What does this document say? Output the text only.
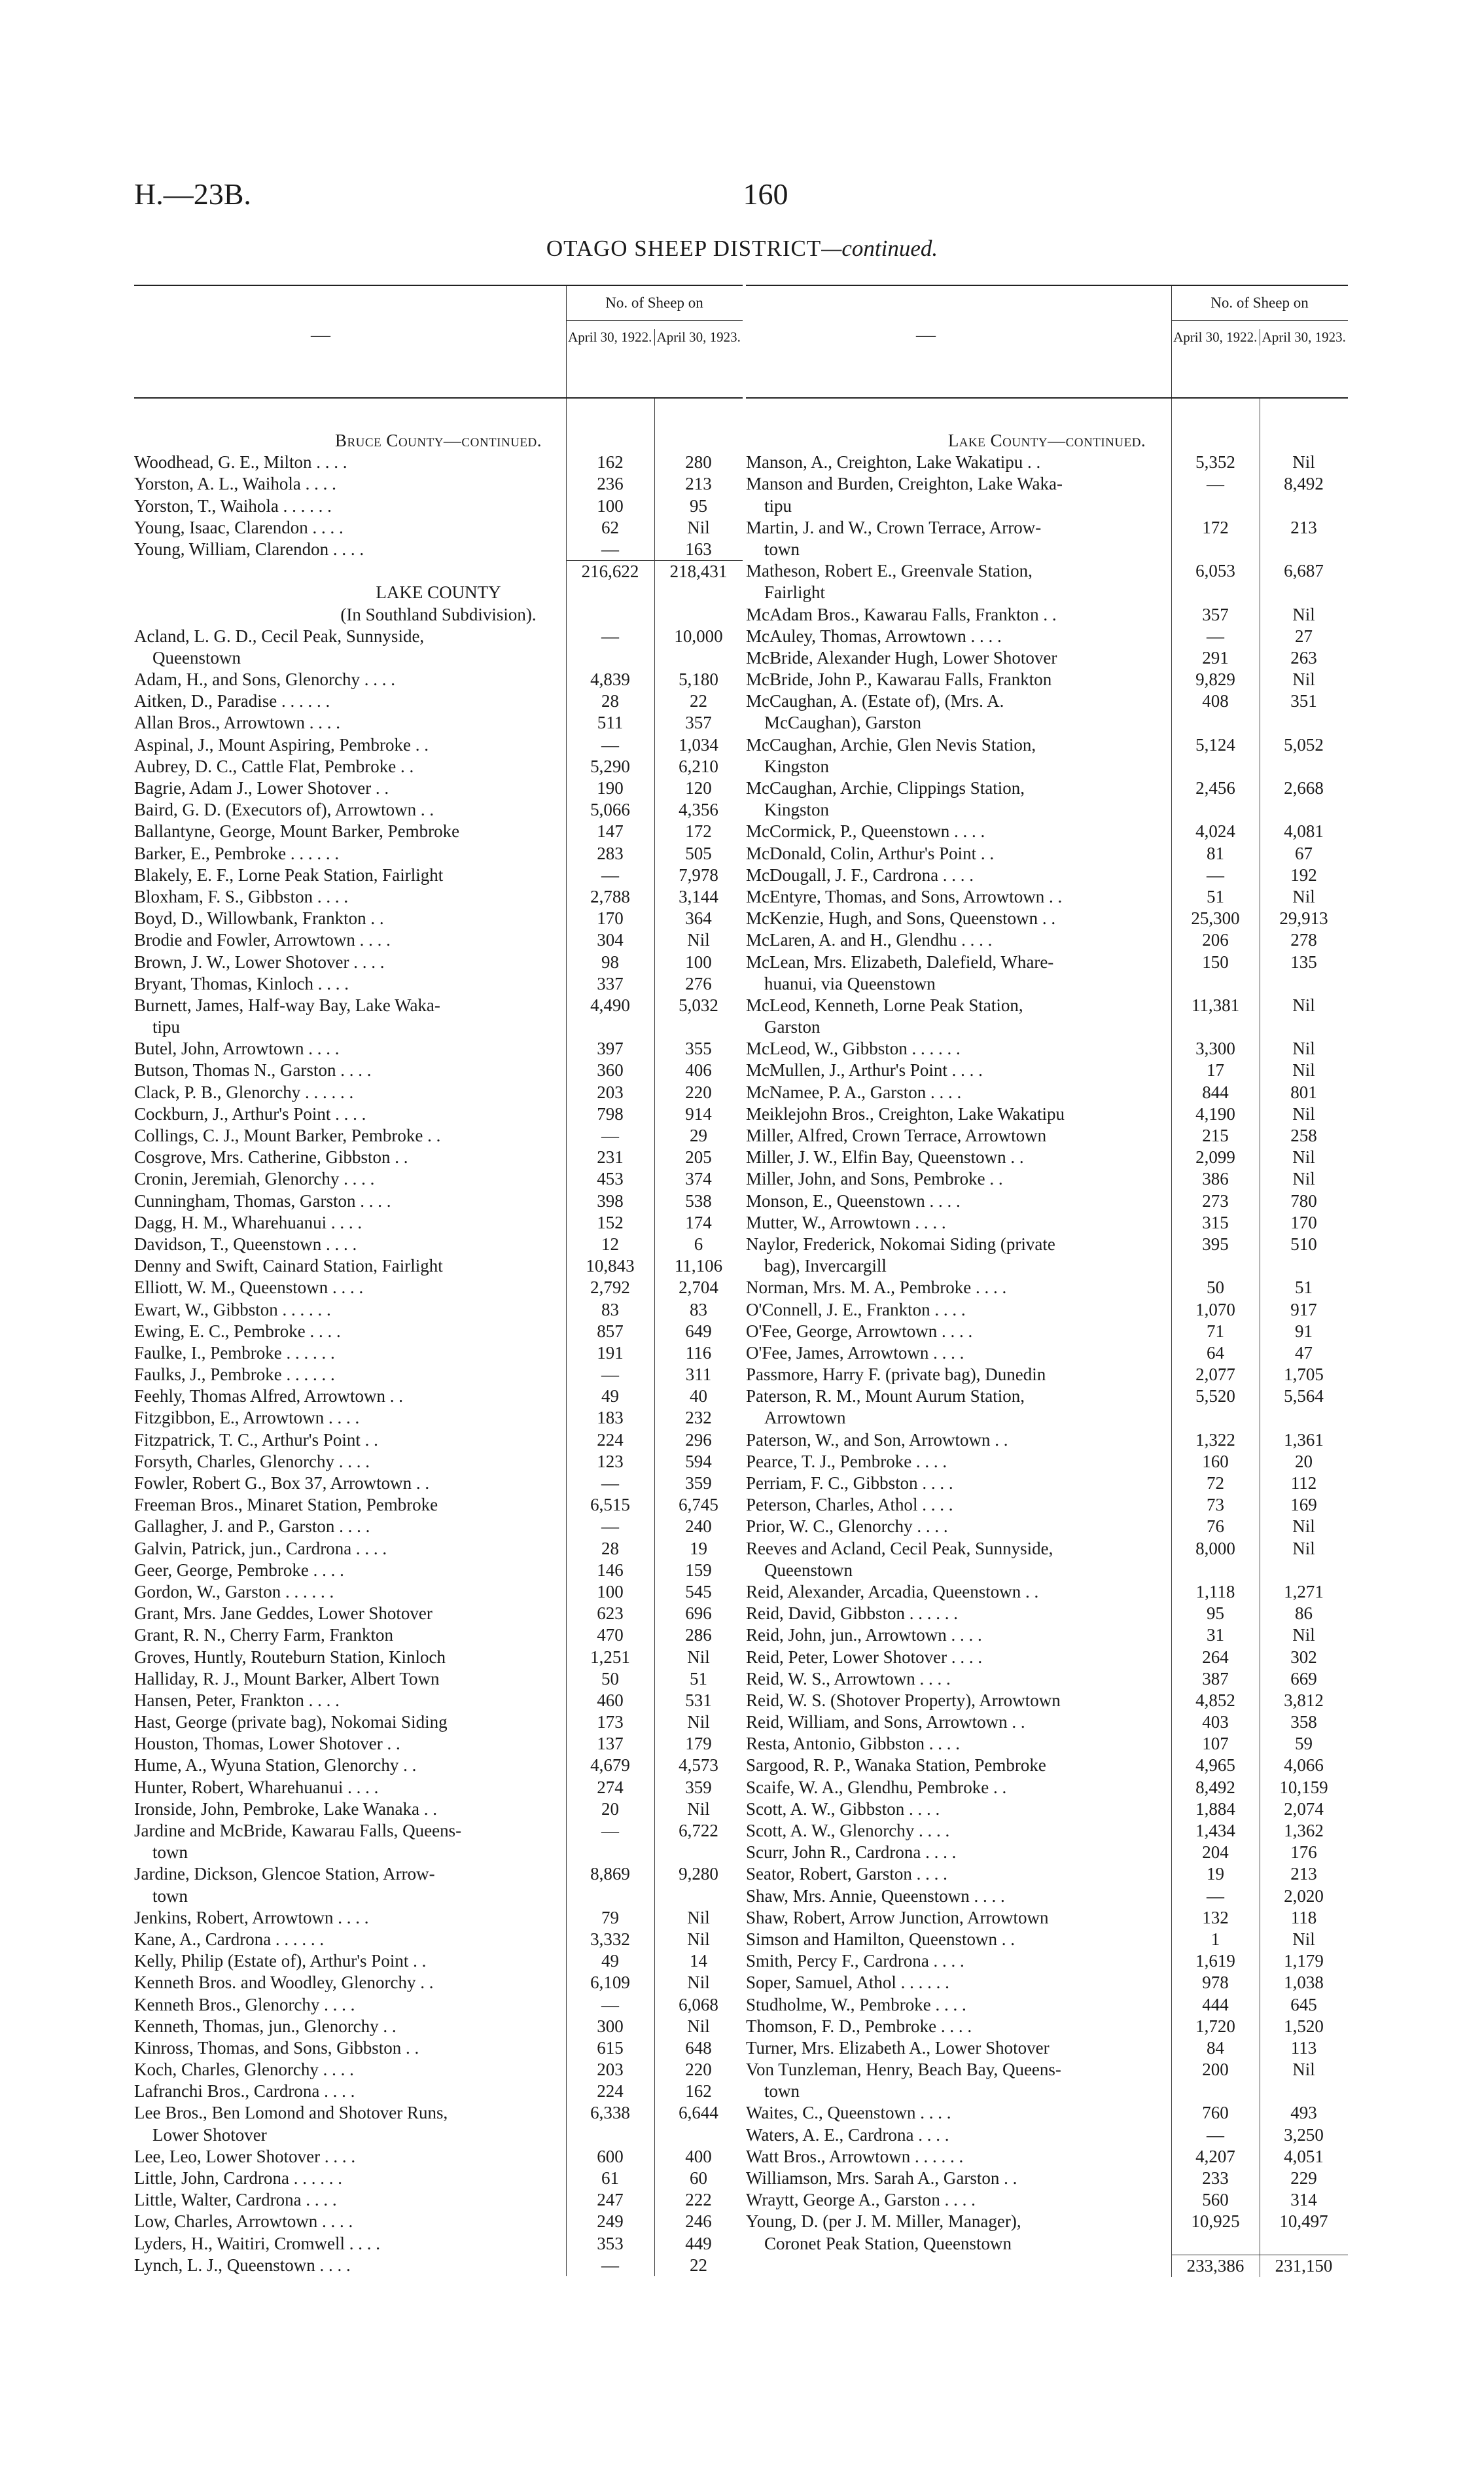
H.—23B.	160
OTAGO SHEEP DISTRICT—continued.
—
No. of Sheep on
April 30, 1922. April 30, 1923.
Bruce County—continued.
Woodhead, G. E., Milton . . . .	162	280
Yorston, A. L., Waihola . . . .	236	213
Yorston, T., Waihola . . . . . .	100	95
Young, Isaac, Clarendon . . . .	62	Nil
Young, William, Clarendon . . . .	—	163
216,622	218,431
LAKE COUNTY
(In Southland Subdivision).
Acland, L. G. D., Cecil Peak, Sunnyside,	—	10,000
Queenstown
Adam, H., and Sons, Glenorchy . . . .	4,839	5,180
Aitken, D., Paradise . . . . . .	28	22
Allan Bros., Arrowtown . . . .	511	357
Aspinal, J., Mount Aspiring, Pembroke . .	—	1,034
Aubrey, D. C., Cattle Flat, Pembroke . .	5,290	6,210
Bagrie, Adam J., Lower Shotover . .	190	120
Baird, G. D. (Executors of), Arrowtown . .	5,066	4,356
Ballantyne, George, Mount Barker, Pembroke	147	172
Barker, E., Pembroke . . . . . .	283	505
Blakely, E. F., Lorne Peak Station, Fairlight	—	7,978
Bloxham, F. S., Gibbston . . . .	2,788	3,144
Boyd, D., Willowbank, Frankton . .	170	364
Brodie and Fowler, Arrowtown . . . .	304	Nil
Brown, J. W., Lower Shotover . . . .	98	100
Bryant, Thomas, Kinloch . . . .	337	276
Burnett, James, Half-way Bay, Lake Waka-	4,490	5,032
tipu
Butel, John, Arrowtown . . . .	397	355
Butson, Thomas N., Garston . . . .	360	406
Clack, P. B., Glenorchy . . . . . .	203	220
Cockburn, J., Arthur's Point . . . .	798	914
Collings, C. J., Mount Barker, Pembroke . .	—	29
Cosgrove, Mrs. Catherine, Gibbston . .	231	205
Cronin, Jeremiah, Glenorchy . . . .	453	374
Cunningham, Thomas, Garston . . . .	398	538
Dagg, H. M., Wharehuanui . . . .	152	174
Davidson, T., Queenstown . . . .	12	6
Denny and Swift, Cainard Station, Fairlight	10,843	11,106
Elliott, W. M., Queenstown . . . .	2,792	2,704
Ewart, W., Gibbston . . . . . .	83	83
Ewing, E. C., Pembroke . . . .	857	649
Faulke, I., Pembroke . . . . . .	191	116
Faulks, J., Pembroke . . . . . .	—	311
Feehly, Thomas Alfred, Arrowtown . .	49	40
Fitzgibbon, E., Arrowtown . . . .	183	232
Fitzpatrick, T. C., Arthur's Point . .	224	296
Forsyth, Charles, Glenorchy . . . .	123	594
Fowler, Robert G., Box 37, Arrowtown . .	—	359
Freeman Bros., Minaret Station, Pembroke	6,515	6,745
Gallagher, J. and P., Garston . . . .	—	240
Galvin, Patrick, jun., Cardrona . . . .	28	19
Geer, George, Pembroke . . . .	146	159
Gordon, W., Garston . . . . . .	100	545
Grant, Mrs. Jane Geddes, Lower Shotover	623	696
Grant, R. N., Cherry Farm, Frankton	470	286
Groves, Huntly, Routeburn Station, Kinloch	1,251	Nil
Halliday, R. J., Mount Barker, Albert Town	50	51
Hansen, Peter, Frankton . . . .	460	531
Hast, George (private bag), Nokomai Siding	173	Nil
Houston, Thomas, Lower Shotover . .	137	179
Hume, A., Wyuna Station, Glenorchy . .	4,679	4,573
Hunter, Robert, Wharehuanui . . . .	274	359
Ironside, John, Pembroke, Lake Wanaka . .	20	Nil
Jardine and McBride, Kawarau Falls, Queens-	—	6,722
town
Jardine, Dickson, Glencoe Station, Arrow-	8,869	9,280
town
Jenkins, Robert, Arrowtown . . . .	79	Nil
Kane, A., Cardrona . . . . . .	3,332	Nil
Kelly, Philip (Estate of), Arthur's Point . .	49	14
Kenneth Bros. and Woodley, Glenorchy . .	6,109	Nil
Kenneth Bros., Glenorchy . . . .	—	6,068
Kenneth, Thomas, jun., Glenorchy . .	300	Nil
Kinross, Thomas, and Sons, Gibbston . .	615	648
Koch, Charles, Glenorchy . . . .	203	220
Lafranchi Bros., Cardrona . . . .	224	162
Lee Bros., Ben Lomond and Shotover Runs,	6,338	6,644
Lower Shotover
Lee, Leo, Lower Shotover . . . .	600	400
Little, John, Cardrona . . . . . .	61	60
Little, Walter, Cardrona . . . .	247	222
Low, Charles, Arrowtown . . . .	249	246
Lyders, H., Waitiri, Cromwell . . . .	353	449
Lynch, L. J., Queenstown . . . .	—	22
—
No. of Sheep on
April 30, 1922. April 30, 1923.
Lake County—continued.
Manson, A., Creighton, Lake Wakatipu . .	5,352	Nil
Manson and Burden, Creighton, Lake Waka-	—	8,492
tipu
Martin, J. and W., Crown Terrace, Arrow-	172	213
town
Matheson, Robert E., Greenvale Station,	6,053	6,687
Fairlight
McAdam Bros., Kawarau Falls, Frankton . .	357	Nil
McAuley, Thomas, Arrowtown . . . .	—	27
McBride, Alexander Hugh, Lower Shotover	291	263
McBride, John P., Kawarau Falls, Frankton	9,829	Nil
McCaughan, A. (Estate of), (Mrs. A.	408	351
McCaughan), Garston
McCaughan, Archie, Glen Nevis Station,	5,124	5,052
Kingston
McCaughan, Archie, Clippings Station,	2,456	2,668
Kingston
McCormick, P., Queenstown . . . .	4,024	4,081
McDonald, Colin, Arthur's Point . .	81	67
McDougall, J. F., Cardrona . . . .	—	192
McEntyre, Thomas, and Sons, Arrowtown . .	51	Nil
McKenzie, Hugh, and Sons, Queenstown . .	25,300	29,913
McLaren, A. and H., Glendhu . . . .	206	278
McLean, Mrs. Elizabeth, Dalefield, Whare-	150	135
huanui, via Queenstown
McLeod, Kenneth, Lorne Peak Station,	11,381	Nil
Garston
McLeod, W., Gibbston . . . . . .	3,300	Nil
McMullen, J., Arthur's Point . . . .	17	Nil
McNamee, P. A., Garston . . . .	844	801
Meiklejohn Bros., Creighton, Lake Wakatipu	4,190	Nil
Miller, Alfred, Crown Terrace, Arrowtown	215	258
Miller, J. W., Elfin Bay, Queenstown . .	2,099	Nil
Miller, John, and Sons, Pembroke . .	386	Nil
Monson, E., Queenstown . . . .	273	780
Mutter, W., Arrowtown . . . .	315	170
Naylor, Frederick, Nokomai Siding (private	395	510
bag), Invercargill
Norman, Mrs. M. A., Pembroke . . . .	50	51
O'Connell, J. E., Frankton . . . .	1,070	917
O'Fee, George, Arrowtown . . . .	71	91
O'Fee, James, Arrowtown . . . .	64	47
Passmore, Harry F. (private bag), Dunedin	2,077	1,705
Paterson, R. M., Mount Aurum Station,	5,520	5,564
Arrowtown
Paterson, W., and Son, Arrowtown . .	1,322	1,361
Pearce, T. J., Pembroke . . . .	160	20
Perriam, F. C., Gibbston . . . .	72	112
Peterson, Charles, Athol . . . .	73	169
Prior, W. C., Glenorchy . . . .	76	Nil
Reeves and Acland, Cecil Peak, Sunnyside,	8,000	Nil
Queenstown
Reid, Alexander, Arcadia, Queenstown . .	1,118	1,271
Reid, David, Gibbston . . . . . .	95	86
Reid, John, jun., Arrowtown . . . .	31	Nil
Reid, Peter, Lower Shotover . . . .	264	302
Reid, W. S., Arrowtown . . . .	387	669
Reid, W. S. (Shotover Property), Arrowtown	4,852	3,812
Reid, William, and Sons, Arrowtown . .	403	358
Resta, Antonio, Gibbston . . . .	107	59
Sargood, R. P., Wanaka Station, Pembroke	4,965	4,066
Scaife, W. A., Glendhu, Pembroke . .	8,492	10,159
Scott, A. W., Gibbston . . . .	1,884	2,074
Scott, A. W., Glenorchy . . . .	1,434	1,362
Scurr, John R., Cardrona . . . .	204	176
Seator, Robert, Garston . . . .	19	213
Shaw, Mrs. Annie, Queenstown . . . .	—	2,020
Shaw, Robert, Arrow Junction, Arrowtown	132	118
Simson and Hamilton, Queenstown . .	1	Nil
Smith, Percy F., Cardrona . . . .	1,619	1,179
Soper, Samuel, Athol . . . . . .	978	1,038
Studholme, W., Pembroke . . . .	444	645
Thomson, F. D., Pembroke . . . .	1,720	1,520
Turner, Mrs. Elizabeth A., Lower Shotover	84	113
Von Tunzleman, Henry, Beach Bay, Queens-	200	Nil
town
Waites, C., Queenstown . . . .	760	493
Waters, A. E., Cardrona . . . .	—	3,250
Watt Bros., Arrowtown . . . . . .	4,207	4,051
Williamson, Mrs. Sarah A., Garston . .	233	229
Wraytt, George A., Garston . . . .	560	314
Young, D. (per J. M. Miller, Manager),	10,925	10,497
Coronet Peak Station, Queenstown
233,386	231,150
